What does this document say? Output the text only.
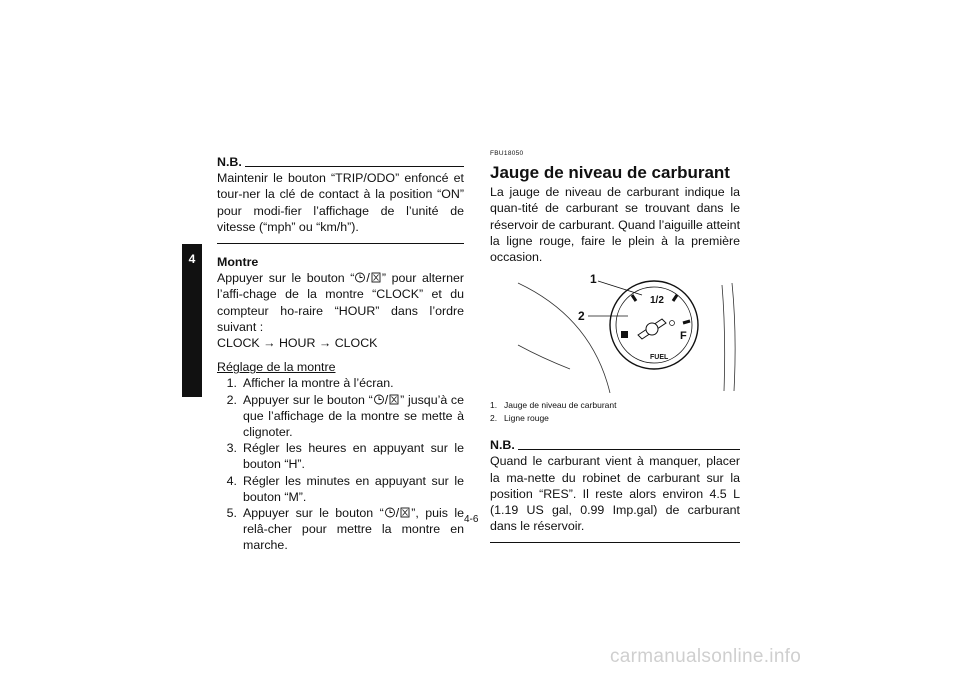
4
N.B.
Maintenir le bouton “TRIP/ODO” enfoncé et tour-ner la clé de contact à la position “ON” pour modi-fier l’affichage de l’unité de vitesse (“mph” ou “km/h”).
Montre
Appuyer sur le bouton “ / ” pour alterner l’affi-chage de la montre “CLOCK” et du compteur ho-raire “HOUR” dans l’ordre suivant :
CLOCK → HOUR → CLOCK
Réglage de la montre
1. Afficher la montre à l’écran.
2. Appuyer sur le bouton “ / ” jusqu’à ce que l’affichage de la montre se mette à clignoter.
3. Régler les heures en appuyant sur le bouton “H”.
4. Régler les minutes en appuyant sur le bouton “M”.
5. Appuyer sur le bouton “ / ”, puis le relâ-cher pour mettre la montre en marche.
FBU18050
Jauge de niveau de carburant
La jauge de niveau de carburant indique la quan-tité de carburant se trouvant dans le réservoir de carburant. Quand l’aiguille atteint la ligne rouge, faire le plein à la première occasion.
1/2
F
FUEL
1
2
1. Jauge de niveau de carburant
2. Ligne rouge
N.B.
Quand le carburant vient à manquer, placer la ma-nette du robinet de carburant sur la position “RES”. Il reste alors environ 4.5 L (1.19 US gal, 0.99 Imp.gal) de carburant dans le réservoir.
4-6
carmanualsonline.info
